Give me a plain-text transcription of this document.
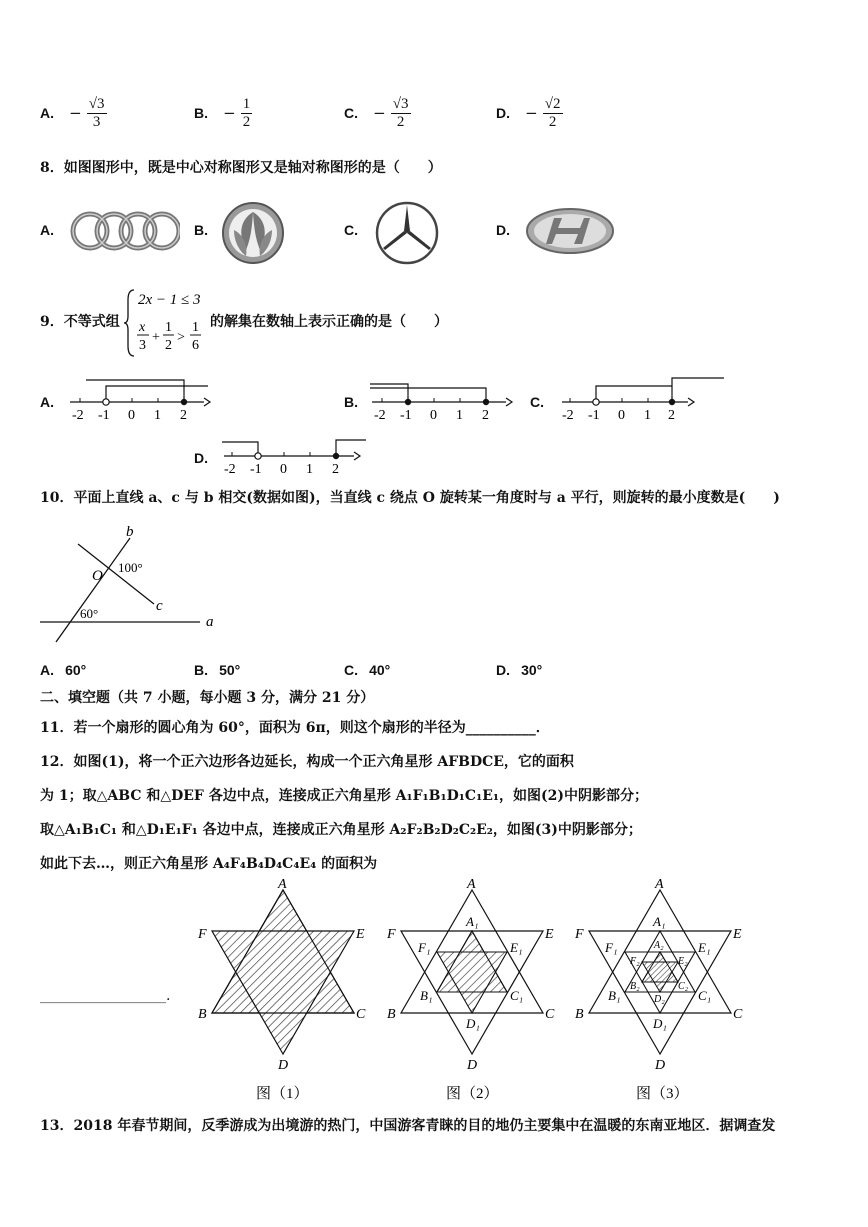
A. − $\frac{√3}{3}$	B. − $\frac{1}{2}$	C. − $\frac{√3}{2}$	D. − $\frac{√2}{2}$
8．如图图形中，既是中心对称图形又是轴对称图形的是（　　）
A.	B.	C.	D.
9．不等式组
2x − 1 ≤ 3
x
3
+
1
2
>
1
6
的解集在数轴上表示正确的是（　　）
A.
-2 -1 0 1 2
B.
-2 -1 0 1 2
C.
-2 -1 0 1 2
D.
-2 -1 0 1 2
10．平面上直线 a、c 与 b 相交(数据如图)，当直线 c 绕点 O 旋转某一角度时与 a 平行，则旋转的最小度数是(　　)
b
O
100°
c
60°
a
A. 60°	B. 50°	C. 40°	D. 30°
二、填空题（共 7 小题，每小题 3 分，满分 21 分）
11．若一个扇形的圆心角为 60°，面积为 6π，则这个扇形的半径为__________．
12．如图(1)，将一个正六边形各边延长，构成一个正六角星形 AFBDCE，它的面积
为 1；取△ABC 和△DEF 各边中点，连接成正六角星形 A₁F₁B₁D₁C₁E₁，如图(2)中阴影部分；
取△A₁B₁C₁ 和△D₁E₁F₁ 各边中点，连接成正六角星形 A₂F₂B₂D₂C₂E₂，如图(3)中阴影部分；
如此下去…，则正六角星形 A₄F₄B₄D₄C₄E₄ 的面积为
__________________.
A
F	E
B	C
D
图（1）
A
F	E
B	C
D
A₁
F₁	E₁
B₁	C₁
D₁
图（2）
A
F	E
B	C
D
A₁
F₁	E₁
B₁	C₁
D₁
A₂
F₂	E₂
B₂	C₂
D₂
图（3）
13．2018 年春节期间，反季游成为出境游的热门，中国游客青睐的目的地仍主要集中在温暖的东南亚地区．据调查发
